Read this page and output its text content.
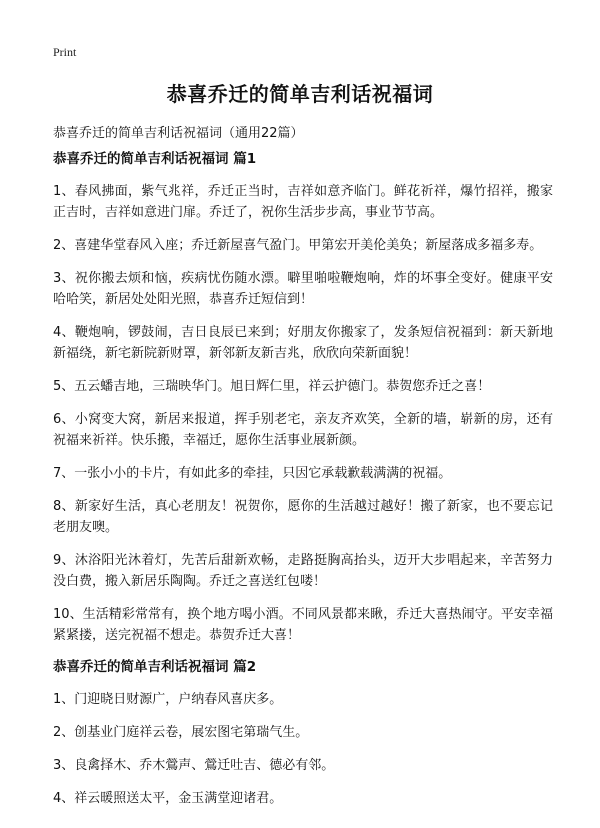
Print
恭喜乔迁的简单吉利话祝福词
恭喜乔迁的简单吉利话祝福词（通用22篇）
恭喜乔迁的简单吉利话祝福词 篇1
1、春风拂面，紫气兆祥，乔迁正当时，吉祥如意齐临门。鲜花祈祥，爆竹招祥，搬家正吉时，吉祥如意进门扉。乔迁了，祝你生活步步高，事业节节高。
2、喜建华堂春风入座；乔迁新屋喜气盈门。甲第宏开美伦美奂；新屋落成多福多寿。
3、祝你搬去烦和恼，疾病忧伤随水漂。噼里啪啦鞭炮响，炸的坏事全变好。健康平安哈哈笑，新居处处阳光照，恭喜乔迁短信到！
4、鞭炮响，锣鼓闹，吉日良辰已来到；好朋友你搬家了，发条短信祝福到：新天新地新福绕，新宅新院新财罩，新邻新友新吉兆，欣欣向荣新面貌！
5、五云蟠吉地，三瑞映华门。旭日辉仁里，祥云护德门。恭贺您乔迁之喜！
6、小窝变大窝，新居来报道，挥手别老宅，亲友齐欢笑，全新的墙，崭新的房，还有祝福来祈祥。快乐搬，幸福迁，愿你生活事业展新颜。
7、一张小小的卡片，有如此多的牵挂，只因它承载歉载满满的祝福。
8、新家好生活，真心老朋友！祝贺你，愿你的生活越过越好！搬了新家，也不要忘记老朋友噢。
9、沐浴阳光沐着灯，先苦后甜新欢畅，走路挺胸高抬头，迈开大步唱起来，辛苦努力没白费，搬入新居乐陶陶。乔迁之喜送红包喽！
10、生活精彩常常有，换个地方喝小酒。不同风景都来瞅，乔迁大喜热闹守。平安幸福紧紧搂，送完祝福不想走。恭贺乔迁大喜！
恭喜乔迁的简单吉利话祝福词 篇2
1、门迎晓日财源广，户纳春风喜庆多。
2、创基业门庭祥云卷，展宏图宅第瑞气生。
3、良禽择木、乔木鶯声、鶯迁吐吉、德必有邻。
4、祥云暖照送太平，金玉满堂迎诸君。
